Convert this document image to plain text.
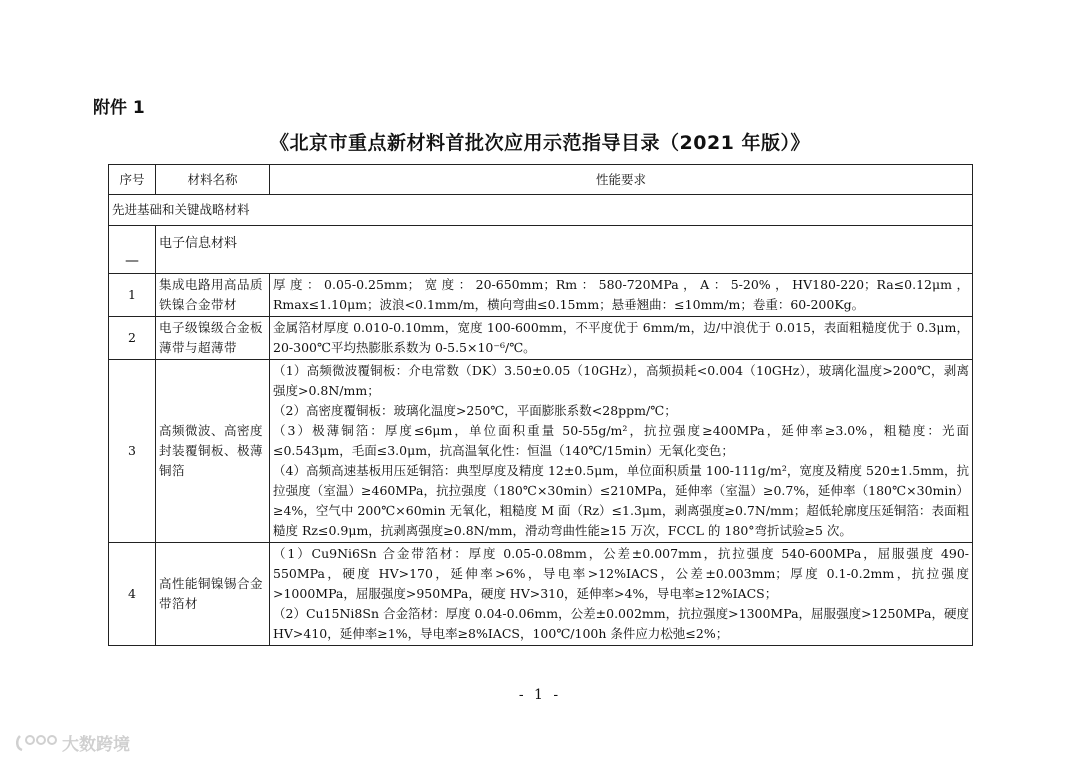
附件 1
《北京市重点新材料首批次应用示范指导目录（2021 年版）》
序号	材料名称	性能要求
先进基础和关键战略材料		
—	电子信息材料	
1	集成电路用高品质铁镍合金带材	厚度：0.05-0.25mm；宽度：20-650mm；Rm：580-720MPa，A：5-20%，HV180-220；Ra≤0.12μm，Rmax≤1.10μm；波浪<0.1mm/m，横向弯曲≤0.15mm；悬垂翘曲：≤10mm/m；卷重：60-200Kg。

2	电子级镍级合金板薄带与超薄带	金属箔材厚度 0.010-0.10mm，宽度 100-600mm，不平度优于 6mm/m，边/中浪优于 0.015，表面粗糙度优于 0.3μm，20-300℃平均热膨胀系数为 0-5.5×10⁻⁶/℃。

3	高频微波、高密度封装覆铜板、极薄铜箔	（1）高频微波覆铜板：介电常数（DK）3.50±0.05（10GHz），高频损耗<0.004（10GHz），玻璃化温度>200℃，剥离强度>0.8N/mm；
（2）高密度覆铜板：玻璃化温度>250℃，平面膨胀系数<28ppm/℃；
（3）极薄铜箔：厚度≤6μm，单位面积重量 50-55g/m²，抗拉强度≥400MPa，延伸率≥3.0%，粗糙度：光面≤0.543μm，毛面≤3.0μm，抗高温氧化性：恒温（140℃/15min）无氧化变色；
（4）高频高速基板用压延铜箔：典型厚度及精度 12±0.5μm，单位面积质量 100-111g/m²，宽度及精度 520±1.5mm，抗拉强度（室温）≥460MPa，抗拉强度（180℃×30min）≤210MPa，延伸率（室温）≥0.7%，延伸率（180℃×30min）≥4%，空气中 200℃×60min 无氧化，粗糙度 M 面（Rz）≤1.3μm，剥离强度≥0.7N/mm；超低轮廓度压延铜箔：表面粗糙度 Rz≤0.9μm，抗剥离强度≥0.8N/mm，滑动弯曲性能≥15 万次，FCCL 的 180°弯折试验≥5 次。

4	高性能铜镍锡合金带箔材	（1）Cu9Ni6Sn 合金带箔材：厚度 0.05-0.08mm，公差±0.007mm，抗拉强度 540-600MPa，屈服强度 490-550MPa，硬度 HV>170，延伸率>6%，导电率>12%IACS，公差±0.003mm；厚度 0.1-0.2mm，抗拉强度>1000MPa，屈服强度>950MPa，硬度 HV>310，延伸率>4%，导电率≥12%IACS；
（2）Cu15Ni8Sn 合金箔材：厚度 0.04-0.06mm，公差±0.002mm，抗拉强度>1300MPa，屈服强度>1250MPa，硬度 HV>410，延伸率≥1%，导电率≥8%IACS，100℃/100h 条件应力松弛≤2%；
- 1 -
大数跨境
